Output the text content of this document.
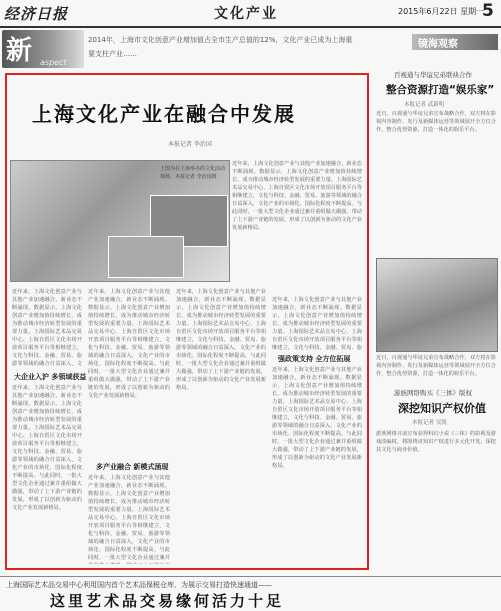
经济日报	文化产业	2015年6月22日 星期一
5
新 aspect
2014年，上海市文化创意产业增加值占全市生产总值的12%，文化产业已成为上海重要支柱产业……
镜海观察
上海文化产业在融合中发展
本报记者 李治国
上图为在上海举办的文化活动现场，本报记者 李治国摄
近年来，上海文化创意产业与其他产业加速融合，新业态不断涌现。数据显示，上海文化创意产业增加值持续增长，成为推动城市经济转型发展的重要力量。上海国际艺术品交易中心、上海自贸区文化市场开放项目服务平台等相继建立，文化与科技、金融、贸易、旅游等领域的融合日益深入，文化产业的市场化、国际化程度不断提高。与此同时，一批大型文化企业通过兼并重组做大做强，带动了上下游产业链的发展，形成了以创新为驱动的文化产业发展新格局。
近年来，上海文化创意产业与其他产业加速融合，新业态不断涌现。数据显示，上海文化创意产业增加值持续增长，成为推动城市经济转型发展的重要力量。上海国际艺术品交易中心、上海自贸区文化市场开放项目服务平台等相继建立，文化与科技、金融、贸易、旅游等领域的融合日益深入，文
大企业入沪 多领域获益
近年来，上海文化创意产业与其他产业加速融合，新业态不断涌现。数据显示，上海文化创意产业增加值持续增长，成为推动城市经济转型发展的重要力量。上海国际艺术品交易中心、上海自贸区文化市场开放项目服务平台等相继建立，文化与科技、金融、贸易、旅游等领域的融合日益深入，文化产业的市场化、国际化程度不断提高。与此同时，一批大型文化企业通过兼并重组做大做强，带动了上下游产业链的发展，形成了以创新为驱动的文化产业发展新格局。
近年来，上海文化创意产业与其他产业加速融合，新业态不断涌现。数据显示，上海文化创意产业增加值持续增长，成为推动城市经济转型发展的重要力量。上海国际艺术品交易中心、上海自贸区文化市场开放项目服务平台等相继建立，文化与科技、金融、贸易、旅游等领域的融合日益深入，文化产业的市场化、国际化程度不断提高。与此同时，一批大型文化企业通过兼并重组做大做强，带动了上下游产业链的发展，形成了以创新为驱动的文化产业发展新格局。
多产业融合 新模式涌现
近年来，上海文化创意产业与其他产业加速融合，新业态不断涌现。数据显示，上海文化创意产业增加值持续增长，成为推动城市经济转型发展的重要力量。上海国际艺术品交易中心、上海自贸区文化市场开放项目服务平台等相继建立，文化与科技、金融、贸易、旅游等领域的融合日益深入，文化产业的市场化、国际化程度不断提高。与此同时，一批大型文化企业通过兼并
近年来，上海文化创意产业与其他产业加速融合，新业态不断涌现。数据显示，上海文化创意产业增加值持续增长，成为推动城市经济转型发展的重要力量。上海国际艺术品交易中心、上海自贸区文化市场开放项目服务平台等相继建立，文化与科技、金融、贸易、旅游等领域的融合日益深入，文化产业的市场化、国际化程度不断提高。与此同时，一批大型文化企业通过兼并重组做大做强，带动了上下游产业链的发展，形成了以创新为驱动的文化产业发展新格局。
强政策支持 全方位拓展
近年来，上海文化创意产业与其他产业加速融合，新业态不断涌现。数据显示，上海文化创意产业增加值持续增长，成为推动城市经济转型发展的重要力量。上海国际艺术品交易中心、上海自贸区文化市场开放项目服务平台等相继建立，文化与科技、金融、贸易、旅
近年来，上海文化创意产业与其他产业加速融合，新业态不断涌现。数据显示，上海文化创意产业增加值持续增长，成为推动城市经济转型发展的重要力量。上海国际艺术品交易中心、上海自贸区文化市场开放项目服务平台等相继建立，文化与科技、金融、贸易、旅游等领域的融合日益深入，文化产业的市场化、国际化程度不断提高。与此同时，一批大型文化企业通过兼并重组做大做强，带动了上下游产业链的发展，形成了以创新为驱动的文化产业发展新格局。
百视通与华谊兄弟联袂合作
整合资源打造“娱乐家”
本报记者 武新明
近日，百视通与华谊兄弟宣布战略合作，双方将在影视内容制作、发行及新媒体运营等领域展开全方位合作，整合优势资源，打造一体化的娱乐平台。
近日，百视通与华谊兄弟宣布战略合作，双方将在影视内容制作、发行及新媒体运营等领域展开全方位合作，整合优势资源，打造一体化的娱乐平台。
游族网络购买《三体》版权
深挖知识产权价值
本报记者 吴凯
游族网络日前宣布获得科幻小说《三体》的影视及游戏改编权，将围绕该知识产权进行多元化开发，深挖其文化与商业价值。
上海国际艺术品交易中心利用国内首个艺术品保税仓库，为展示交易打造快速通道——
这里艺术品交易缘何活力十足
